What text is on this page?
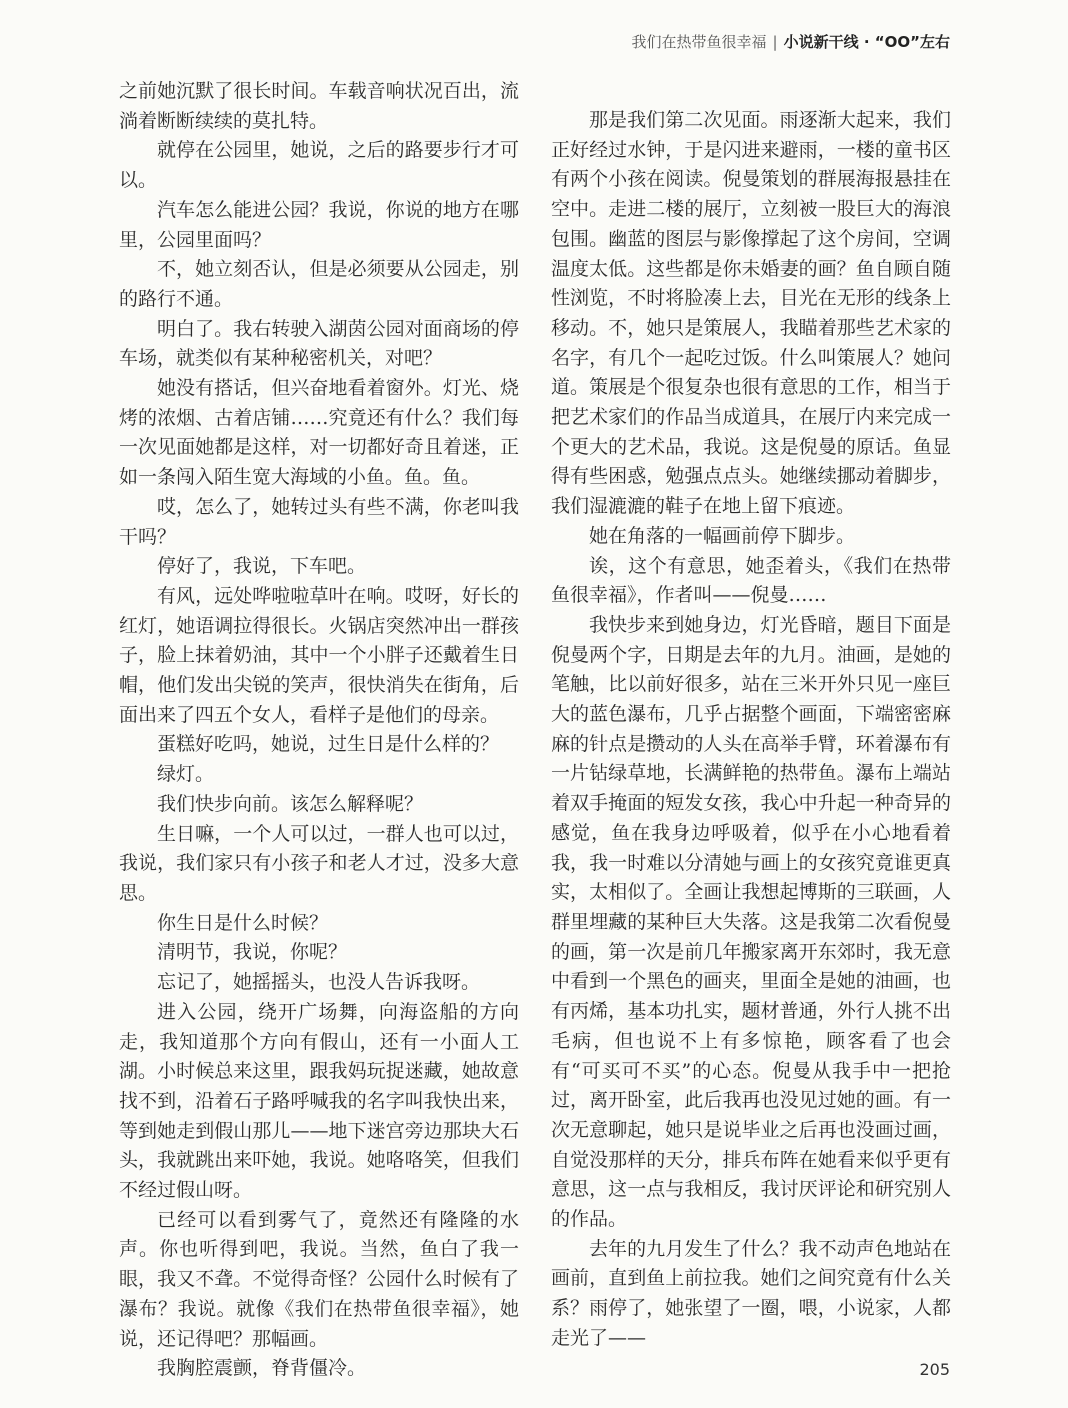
我们在热带鱼很幸福 | 小说新干线 · “OO”左右

之前她沉默了很长时间。车载音响状况百出，流淌着断断续续的莫扎特。

就停在公园里，她说，之后的路要步行才可以。

汽车怎么能进公园？我说，你说的地方在哪里，公园里面吗？

不，她立刻否认，但是必须要从公园走，别的路行不通。

明白了。我右转驶入湖茵公园对面商场的停车场，就类似有某种秘密机关，对吧？

她没有搭话，但兴奋地看着窗外。灯光、烧烤的浓烟、古着店铺……究竟还有什么？我们每一次见面她都是这样，对一切都好奇且着迷，正如一条闯入陌生宽大海域的小鱼。鱼。鱼。

哎，怎么了，她转过头有些不满，你老叫我干吗？

停好了，我说，下车吧。

有风，远处哗啦啦草叶在响。哎呀，好长的红灯，她语调拉得很长。火锅店突然冲出一群孩子，脸上抹着奶油，其中一个小胖子还戴着生日帽，他们发出尖锐的笑声，很快消失在街角，后面出来了四五个女人，看样子是他们的母亲。

蛋糕好吃吗，她说，过生日是什么样的？

绿灯。

我们快步向前。该怎么解释呢？

生日嘛，一个人可以过，一群人也可以过，我说，我们家只有小孩子和老人才过，没多大意思。

你生日是什么时候？

清明节，我说，你呢？

忘记了，她摇摇头，也没人告诉我呀。

进入公园，绕开广场舞，向海盗船的方向走，我知道那个方向有假山，还有一小面人工湖。小时候总来这里，跟我妈玩捉迷藏，她故意找不到，沿着石子路呼喊我的名字叫我快出来，等到她走到假山那儿——地下迷宫旁边那块大石头，我就跳出来吓她，我说。她咯咯笑，但我们不经过假山呀。

已经可以看到雾气了，竟然还有隆隆的水声。你也听得到吧，我说。当然，鱼白了我一眼，我又不聋。不觉得奇怪？公园什么时候有了瀑布？我说。就像《我们在热带鱼很幸福》，她说，还记得吧？那幅画。

我胸腔震颤，脊背僵冷。

那是我们第二次见面。雨逐渐大起来，我们正好经过水钟，于是闪进来避雨，一楼的童书区有两个小孩在阅读。倪曼策划的群展海报悬挂在空中。走进二楼的展厅，立刻被一股巨大的海浪包围。幽蓝的图层与影像撑起了这个房间，空调温度太低。这些都是你未婚妻的画？鱼自顾自随性浏览，不时将脸凑上去，目光在无形的线条上移动。不，她只是策展人，我瞄着那些艺术家的名字，有几个一起吃过饭。什么叫策展人？她问道。策展是个很复杂也很有意思的工作，相当于把艺术家们的作品当成道具，在展厅内来完成一个更大的艺术品，我说。这是倪曼的原话。鱼显得有些困惑，勉强点点头。她继续挪动着脚步，我们湿漉漉的鞋子在地上留下痕迹。

她在角落的一幅画前停下脚步。

诶，这个有意思，她歪着头，《我们在热带鱼很幸福》，作者叫——倪曼……

我快步来到她身边，灯光昏暗，题目下面是倪曼两个字，日期是去年的九月。油画，是她的笔触，比以前好很多，站在三米开外只见一座巨大的蓝色瀑布，几乎占据整个画面，下端密密麻麻的针点是攒动的人头在高举手臂，环着瀑布有一片钻绿草地，长满鲜艳的热带鱼。瀑布上端站着双手掩面的短发女孩，我心中升起一种奇异的感觉，鱼在我身边呼吸着，似乎在小心地看着我，我一时难以分清她与画上的女孩究竟谁更真实，太相似了。全画让我想起博斯的三联画，人群里埋藏的某种巨大失落。这是我第二次看倪曼的画，第一次是前几年搬家离开东郊时，我无意中看到一个黑色的画夹，里面全是她的油画，也有丙烯，基本功扎实，题材普通，外行人挑不出毛病，但也说不上有多惊艳，顾客看了也会有“可买可不买”的心态。倪曼从我手中一把抢过，离开卧室，此后我再也没见过她的画。有一次无意聊起，她只是说毕业之后再也没画过画，自觉没那样的天分，排兵布阵在她看来似乎更有意思，这一点与我相反，我讨厌评论和研究别人的作品。

去年的九月发生了什么？我不动声色地站在画前，直到鱼上前拉我。她们之间究竟有什么关系？雨停了，她张望了一圈，喂，小说家，人都走光了——

205
